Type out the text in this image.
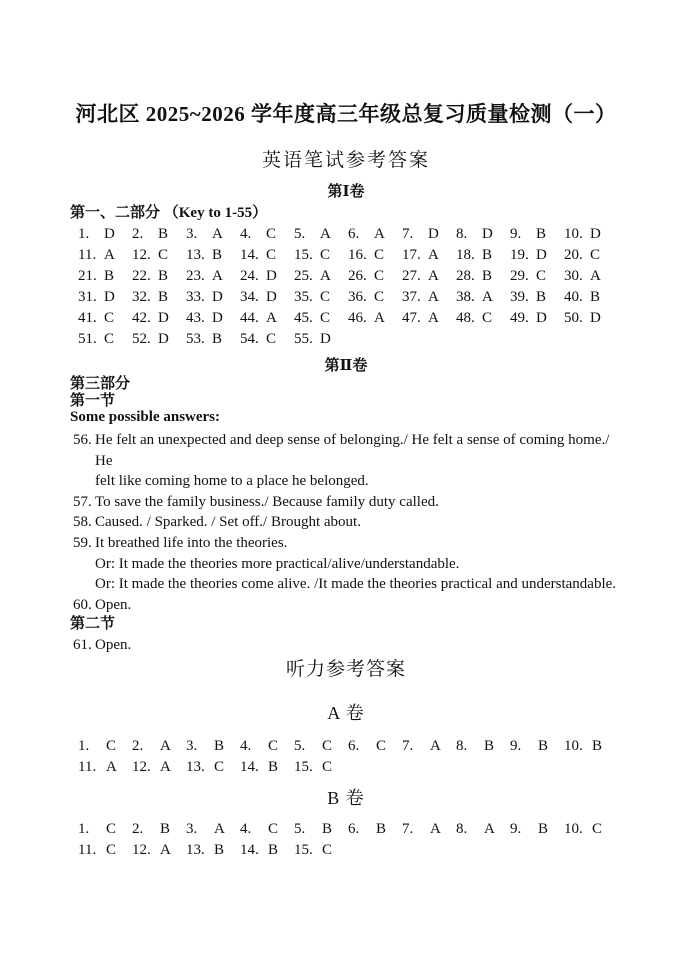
河北区 2025~2026 学年度高三年级总复习质量检测（一）
英语笔试参考答案
第Ⅰ卷
第一、二部分 （Key to 1-55）
1. D 2. B 3. A 4. C 5. A 6. A 7. D 8. D 9. B 10. D
11. A 12. C 13. B 14. C 15. C 16. C 17. A 18. B 19. D 20. C
21. B 22. B 23. A 24. D 25. A 26. C 27. A 28. B 29. C 30. A
31. D 32. B 33. D 34. D 35. C 36. C 37. A 38. A 39. B 40. B
41. C 42. D 43. D 44. A 45. C 46. A 47. A 48. C 49. D 50. D
51. C 52. D 53. B 54. C 55. D
第Ⅱ卷
第三部分
第一节
Some possible answers:
56. He felt an unexpected and deep sense of belonging./ He felt a sense of coming home./ He
felt like coming home to a place he belonged.
57. To save the family business./ Because family duty called.
58. Caused. / Sparked. / Set off./ Brought about.
59. It breathed life into the theories.
Or: It made the theories more practical/alive/understandable.
Or: It made the theories come alive. /It made the theories practical and understandable.
60. Open.
第二节
61. Open.
听力参考答案
A 卷
1.	C 2.	A 3.	B 4.	C 5.	C 6.	C 7.	A 8.	B 9.	B 10. B
11. A 12. A 13. C 14. B 15. C
B 卷
1.	C 2.	B 3.	A 4.	C 5.	B 6.	B 7.	A 8.	A 9.	B 10. C
11. C 12. A 13. B 14. B 15. C
